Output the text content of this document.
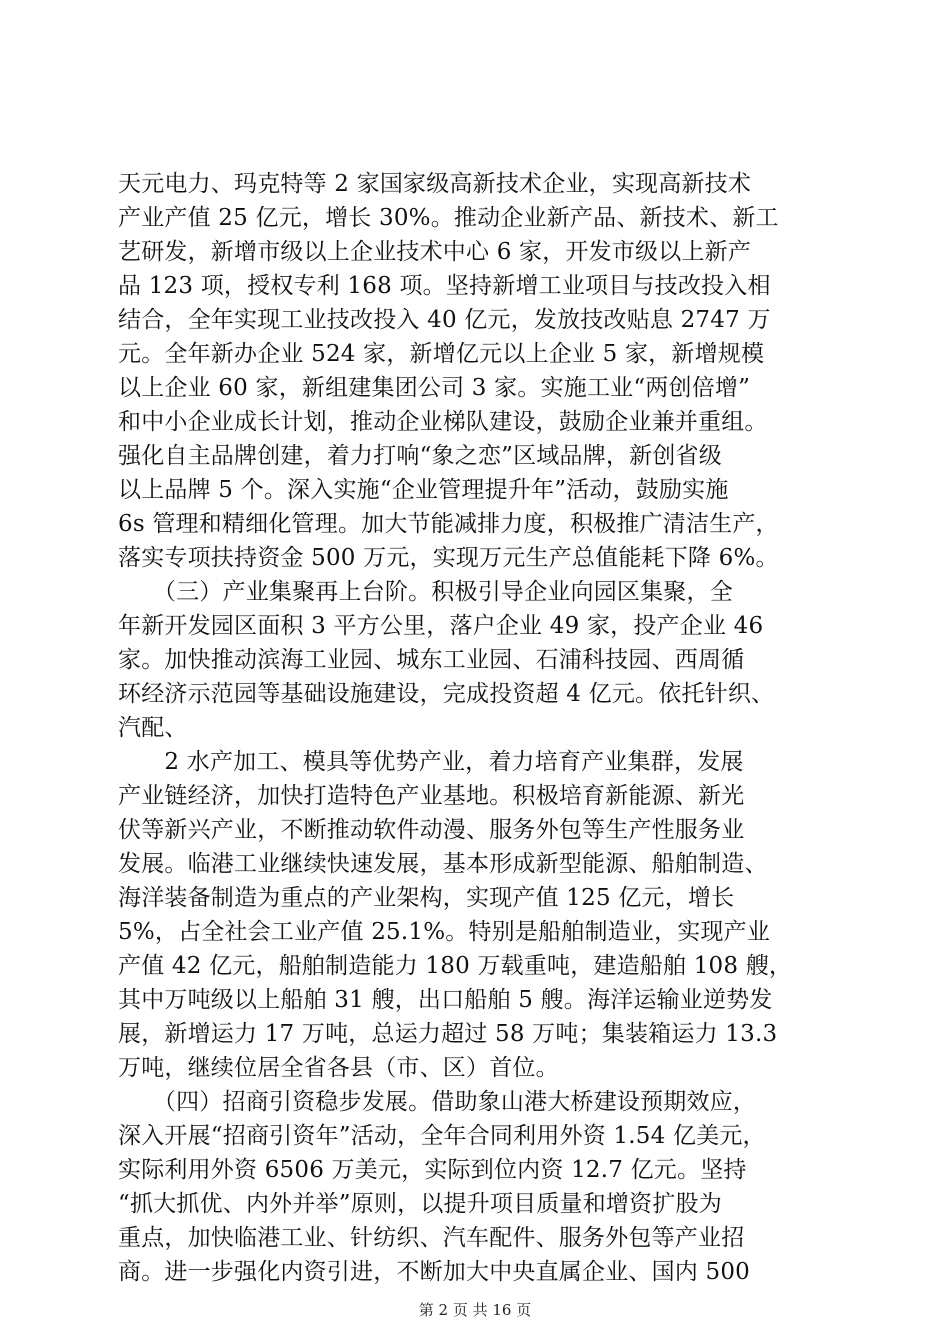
天元电力、玛克特等 2 家国家级高新技术企业，实现高新技术
产业产值 25 亿元，增长 30%。推动企业新产品、新技术、新工
艺研发，新增市级以上企业技术中心 6 家，开发市级以上新产
品 123 项，授权专利 168 项。坚持新增工业项目与技改投入相
结合，全年实现工业技改投入 40 亿元，发放技改贴息 2747 万
元。全年新办企业 524 家，新增亿元以上企业 5 家，新增规模
以上企业 60 家，新组建集团公司 3 家。实施工业“两创倍增”
和中小企业成长计划，推动企业梯队建设，鼓励企业兼并重组。
强化自主品牌创建，着力打响“象之恋”区域品牌，新创省级
以上品牌 5 个。深入实施“企业管理提升年”活动，鼓励实施
6s 管理和精细化管理。加大节能减排力度，积极推广清洁生产，
落实专项扶持资金 500 万元，实现万元生产总值能耗下降 6%。
　　（三）产业集聚再上台阶。积极引导企业向园区集聚，全
年新开发园区面积 3 平方公里，落户企业 49 家，投产企业 46
家。加快推动滨海工业园、城东工业园、石浦科技园、西周循
环经济示范园等基础设施建设，完成投资超 4 亿元。依托针织、
汽配、
　　2 水产加工、模具等优势产业，着力培育产业集群，发展
产业链经济，加快打造特色产业基地。积极培育新能源、新光
伏等新兴产业，不断推动软件动漫、服务外包等生产性服务业
发展。临港工业继续快速发展，基本形成新型能源、船舶制造、
海洋装备制造为重点的产业架构，实现产值 125 亿元，增长
5%，占全社会工业产值 25.1%。特别是船舶制造业，实现产业
产值 42 亿元，船舶制造能力 180 万载重吨，建造船舶 108 艘，
其中万吨级以上船舶 31 艘，出口船舶 5 艘。海洋运输业逆势发
展，新增运力 17 万吨，总运力超过 58 万吨；集装箱运力 13.3
万吨，继续位居全省各县（市、区）首位。
　　（四）招商引资稳步发展。借助象山港大桥建设预期效应，
深入开展“招商引资年”活动，全年合同利用外资 1.54 亿美元，
实际利用外资 6506 万美元，实际到位内资 12.7 亿元。坚持
“抓大抓优、内外并举”原则，以提升项目质量和增资扩股为
重点，加快临港工业、针纺织、汽车配件、服务外包等产业招
商。进一步强化内资引进，不断加大中央直属企业、国内 500
第 2 页 共 16 页
